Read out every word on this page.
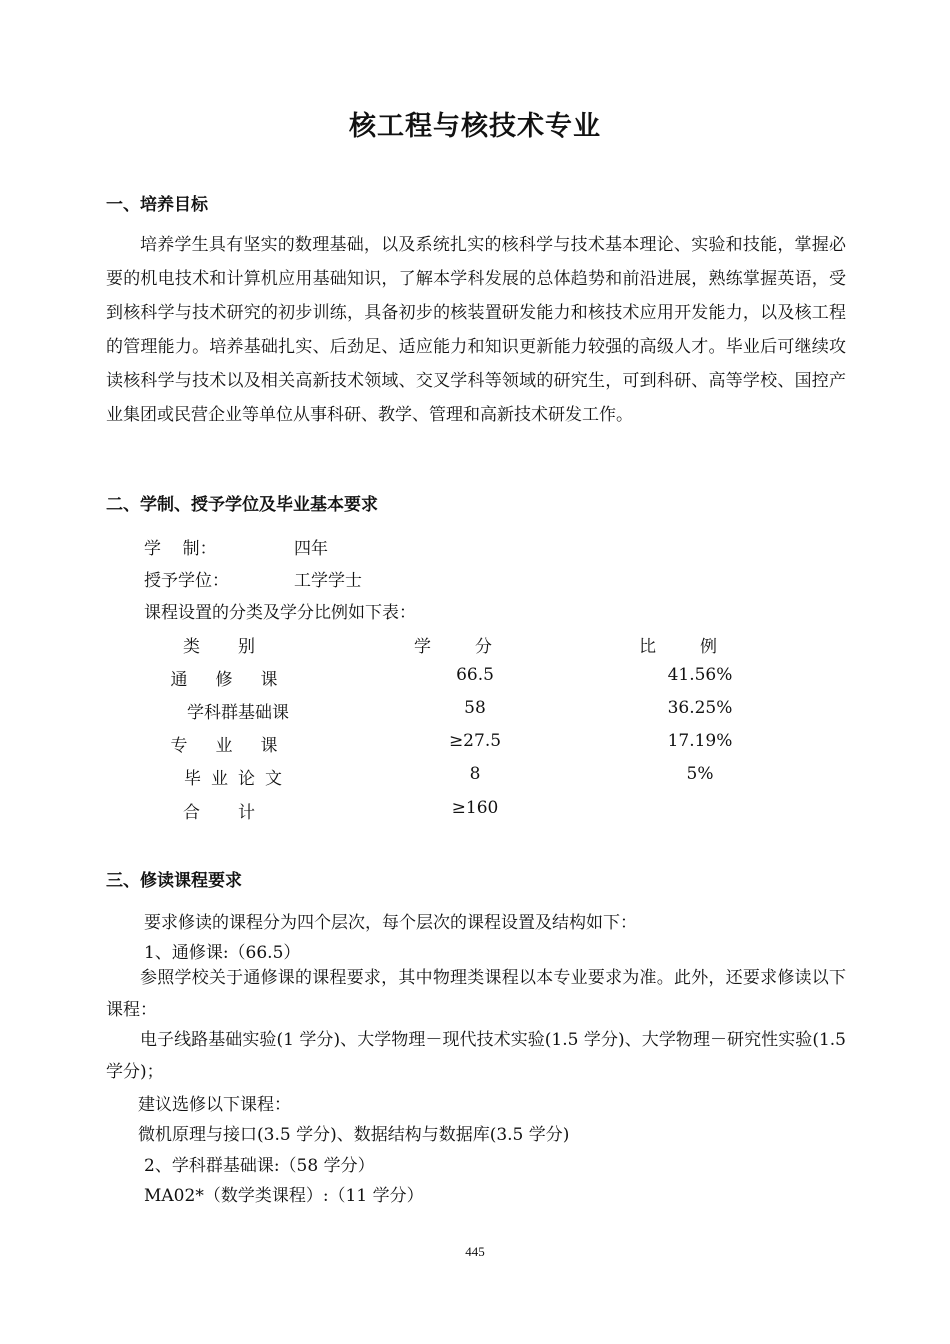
核工程与核技术专业
一、培养目标
培养学生具有坚实的数理基础，以及系统扎实的核科学与技术基本理论、实验和技能，掌握必要的机电技术和计算机应用基础知识，了解本学科发展的总体趋势和前沿进展，熟练掌握英语，受到核科学与技术研究的初步训练，具备初步的核装置研发能力和核技术应用开发能力，以及核工程的管理能力。培养基础扎实、后劲足、适应能力和知识更新能力较强的高级人才。毕业后可继续攻读核科学与技术以及相关高新技术领域、交叉学科等领域的研究生，可到科研、高等学校、国控产业集团或民营企业等单位从事科研、教学、管理和高新技术研发工作。
二、学制、授予学位及毕业基本要求
学    制：	四年
授予学位：	工学学士
课程设置的分类及学分比例如下表：
类别	学分	比例
通修课	66.5	41.56%
学科群基础课	58	36.25%
专业课	≥27.5	17.19%
毕业论文	8	5%
合计	≥160
三、修读课程要求
要求修读的课程分为四个层次，每个层次的课程设置及结构如下：
1、通修课:（66.5）
参照学校关于通修课的课程要求，其中物理类课程以本专业要求为准。此外，还要求修读以下课程：
电子线路基础实验(1 学分)、大学物理－现代技术实验(1.5 学分)、大学物理－研究性实验(1.5 学分)；
建议选修以下课程：
微机原理与接口(3.5 学分)、数据结构与数据库(3.5 学分)
2、学科群基础课:（58 学分）
MA02*（数学类课程）:（11 学分）
445
